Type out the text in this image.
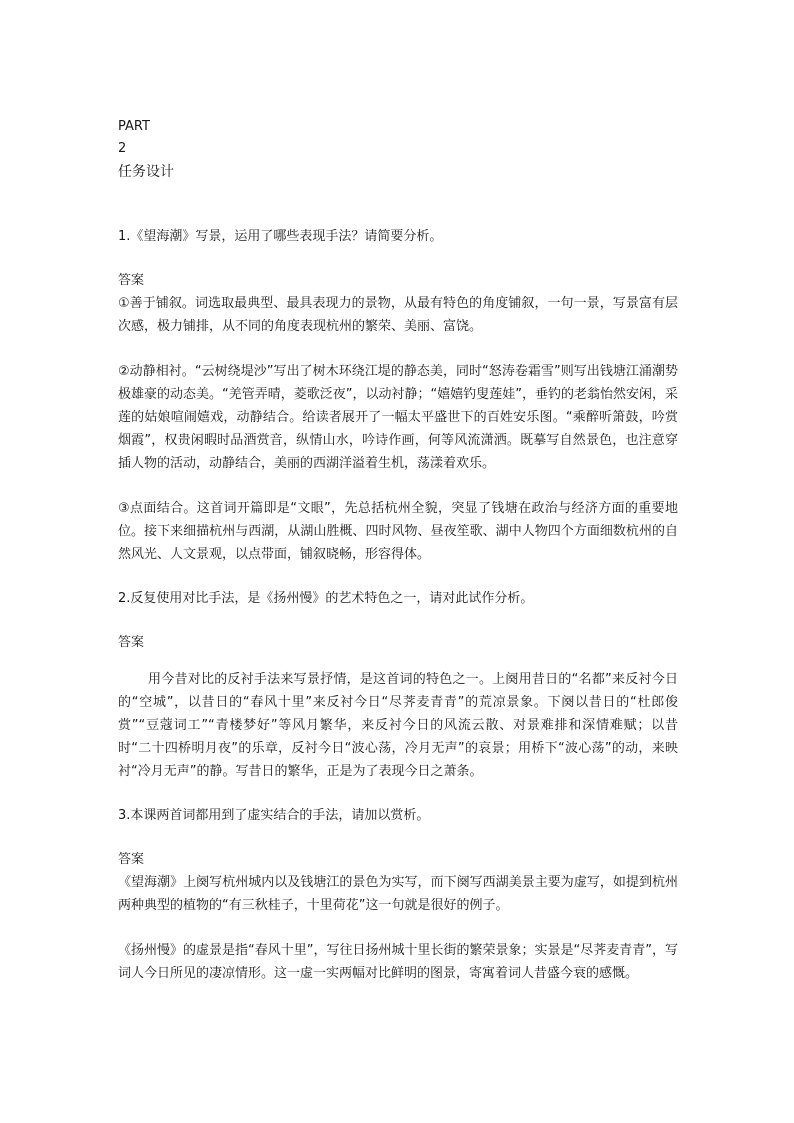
PART

2

任务设计

1.《望海潮》写景，运用了哪些表现手法？请简要分析。

答案

①善于铺叙。词选取最典型、最具表现力的景物，从最有特色的角度铺叙，一句一景，写景富有层次感，极力铺排，从不同的角度表现杭州的繁荣、美丽、富饶。

②动静相衬。“云树绕堤沙”写出了树木环绕江堤的静态美，同时“怒涛卷霜雪”则写出钱塘江涌潮势极雄豪的动态美。“羌管弄晴，菱歌泛夜”，以动衬静；“嬉嬉钓叟莲娃”，垂钓的老翁怡然安闲，采莲的姑娘喧闹嬉戏，动静结合。给读者展开了一幅太平盛世下的百姓安乐图。“乘醉听箫鼓，吟赏烟霞”，权贵闲暇时品酒赏音，纵情山水，吟诗作画，何等风流潇洒。既摹写自然景色，也注意穿插人物的活动，动静结合，美丽的西湖洋溢着生机，荡漾着欢乐。

③点面结合。这首词开篇即是“文眼”，先总括杭州全貌，突显了钱塘在政治与经济方面的重要地位。接下来细描杭州与西湖，从湖山胜概、四时风物、昼夜笙歌、湖中人物四个方面细数杭州的自然风光、人文景观，以点带面，铺叙晓畅，形容得体。

2.反复使用对比手法，是《扬州慢》的艺术特色之一，请对此试作分析。

答案

用今昔对比的反衬手法来写景抒情，是这首词的特色之一。上阕用昔日的“名都”来反衬今日的“空城”，以昔日的“春风十里”来反衬今日“尽荠麦青青”的荒凉景象。下阕以昔日的“杜郎俊赏”“豆蔻词工”“青楼梦好”等风月繁华，来反衬今日的风流云散、对景难排和深情难赋；以昔时“二十四桥明月夜”的乐章，反衬今日“波心荡，冷月无声”的哀景；用桥下“波心荡”的动，来映衬“冷月无声”的静。写昔日的繁华，正是为了表现今日之萧条。

3.本课两首词都用到了虚实结合的手法，请加以赏析。

答案

《望海潮》上阕写杭州城内以及钱塘江的景色为实写，而下阕写西湖美景主要为虚写，如提到杭州两种典型的植物的“有三秋桂子，十里荷花”这一句就是很好的例子。

《扬州慢》的虚景是指“春风十里”，写往日扬州城十里长街的繁荣景象；实景是“尽荠麦青青”，写词人今日所见的凄凉情形。这一虚一实两幅对比鲜明的图景，寄寓着词人昔盛今衰的感慨。
